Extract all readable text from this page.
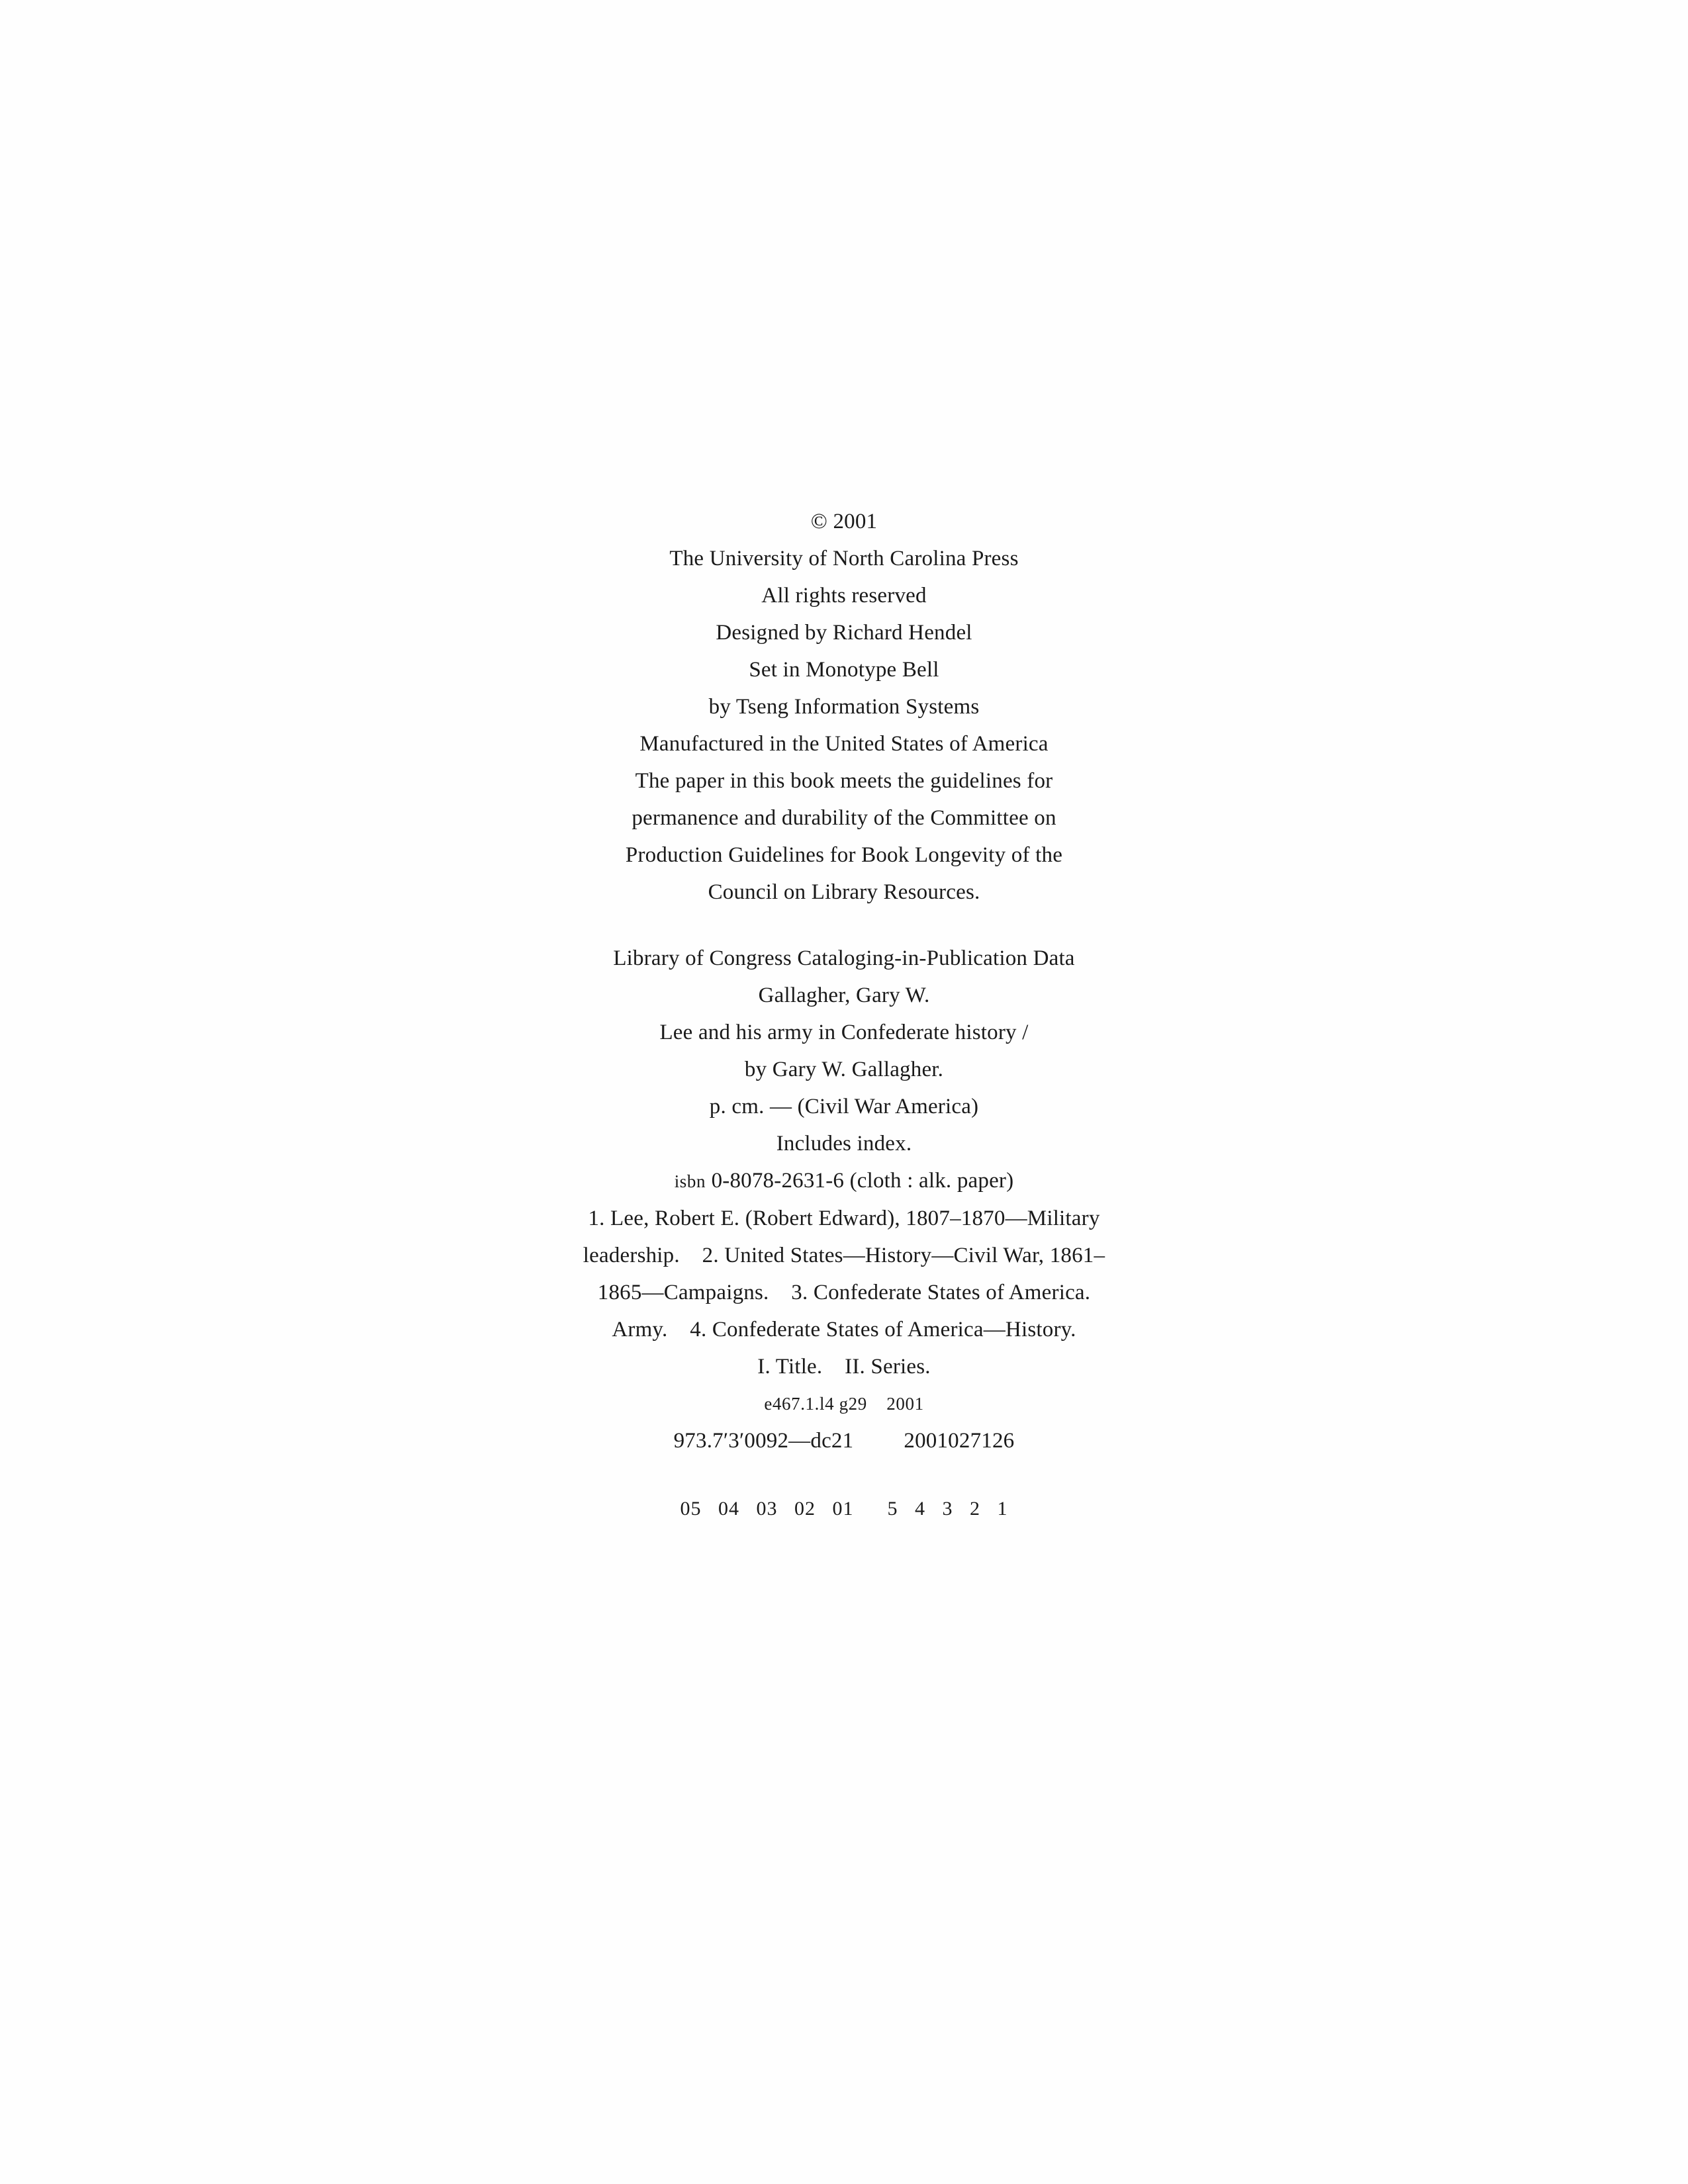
© 2001
The University of North Carolina Press
All rights reserved
Designed by Richard Hendel
Set in Monotype Bell
by Tseng Information Systems
Manufactured in the United States of America
The paper in this book meets the guidelines for
permanence and durability of the Committee on
Production Guidelines for Book Longevity of the
Council on Library Resources.
Library of Congress Cataloging-in-Publication Data
Gallagher, Gary W.
Lee and his army in Confederate history /
by Gary W. Gallagher.
p. cm. — (Civil War America)
Includes index.
isbn 0-8078-2631-6 (cloth : alk. paper)
1. Lee, Robert E. (Robert Edward), 1807–1870—Military
leadership.    2. United States—History—Civil War, 1861–
1865—Campaigns.    3. Confederate States of America.
Army.    4. Confederate States of America—History.
I. Title.    II. Series.
e467.1.l4 g29    2001
973.7′3′0092—dc21         2001027126
05   04   03   02   01 5   4   3   2   1
